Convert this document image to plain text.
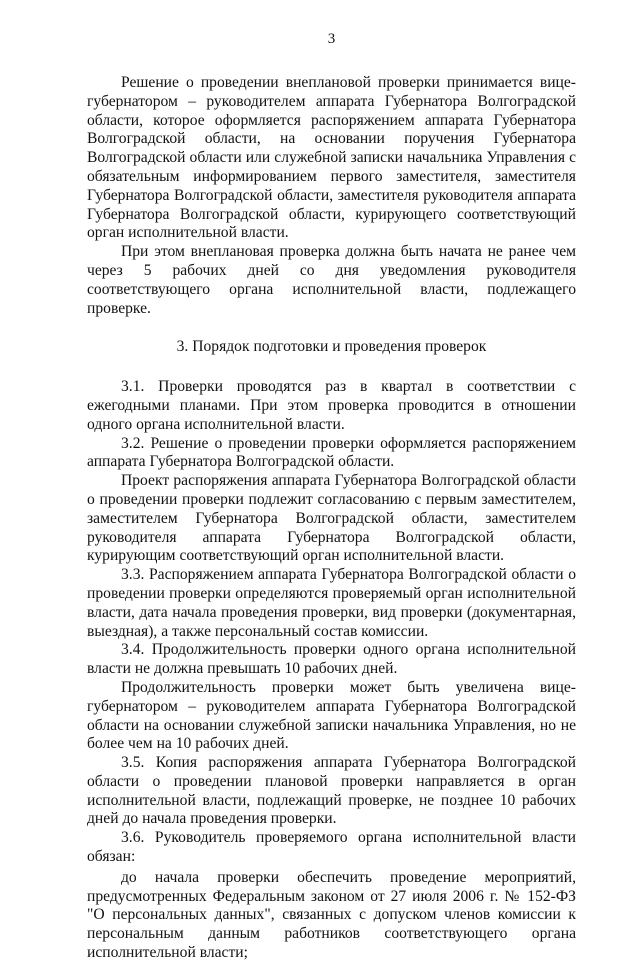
3

Решение о проведении внеплановой проверки принимается вице-губернатором – руководителем аппарата Губернатора Волгоградской области, которое оформляется распоряжением аппарата Губернатора Волгоградской области, на основании поручения Губернатора Волгоградской области или служебной записки начальника Управления с обязательным информированием первого заместителя, заместителя Губернатора Волгоградской области, заместителя руководителя аппарата Губернатора Волгоградской области, курирующего соответствующий орган исполнительной власти.

При этом внеплановая проверка должна быть начата не ранее чем через 5 рабочих дней со дня уведомления руководителя соответствующего органа исполнительной власти, подлежащего проверке.

3. Порядок подготовки и проведения проверок

3.1. Проверки проводятся раз в квартал в соответствии с ежегодными планами. При этом проверка проводится в отношении одного органа исполнительной власти.

3.2. Решение о проведении проверки оформляется распоряжением аппарата Губернатора Волгоградской области.

Проект распоряжения аппарата Губернатора Волгоградской области о проведении проверки подлежит согласованию с первым заместителем, заместителем Губернатора Волгоградской области, заместителем руководителя аппарата Губернатора Волгоградской области, курирующим соответствующий орган исполнительной власти.

3.3. Распоряжением аппарата Губернатора Волгоградской области о проведении проверки определяются проверяемый орган исполнительной власти, дата начала проведения проверки, вид проверки (документарная, выездная), а также персональный состав комиссии.

3.4. Продолжительность проверки одного органа исполнительной власти не должна превышать 10 рабочих дней.

Продолжительность проверки может быть увеличена вице-губернатором – руководителем аппарата Губернатора Волгоградской области на основании служебной записки начальника Управления, но не более чем на 10 рабочих дней.

3.5. Копия распоряжения аппарата Губернатора Волгоградской области о проведении плановой проверки направляется в орган исполнительной власти, подлежащий проверке, не позднее 10 рабочих дней до начала проведения проверки.

3.6. Руководитель проверяемого органа исполнительной власти обязан:

до начала проверки обеспечить проведение мероприятий, предусмотренных Федеральным законом от 27 июля 2006 г. № 152-ФЗ "О персональных данных", связанных с допуском членов комиссии к персональным данным работников соответствующего органа исполнительной власти;
